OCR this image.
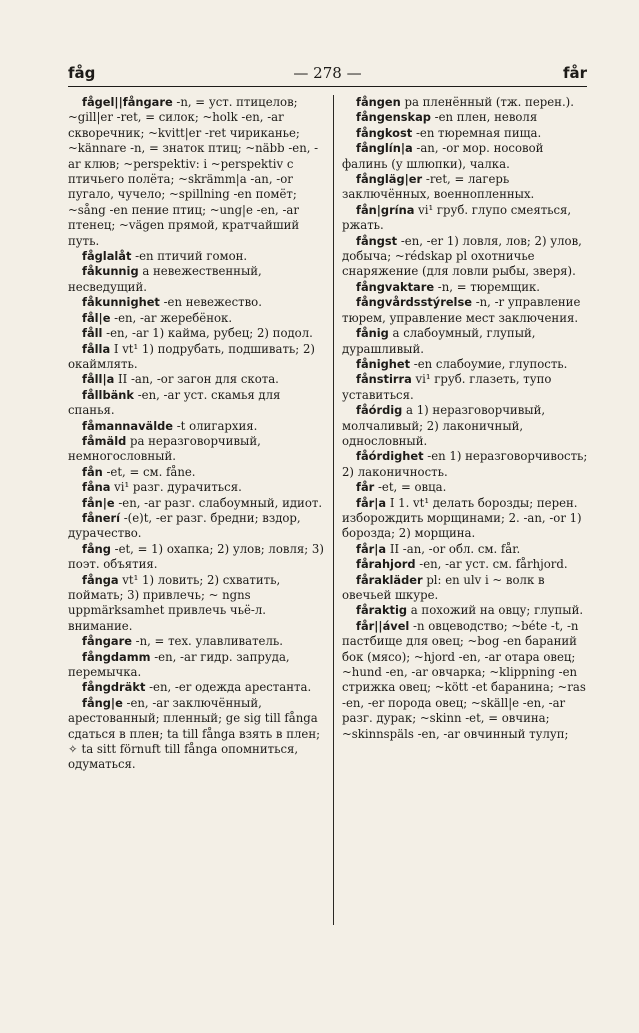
fåg	— 278 —	får

fågel||fångare -n, = уст. птицелов; ~gill|er -ret, = силок; ~holk -en, -ar скворечник; ~kvitt|er -ret чириканье; ~kännare -n, = знаток птиц; ~näbb -en, -ar клюв; ~perspektiv: i ~perspektiv с птичьего полёта; ~skrämm|a -an, -or пугало, чучело; ~spillning -en помёт; ~sång -en пение птиц; ~ung|e -en, -ar птенец; ~vägen прямой, кратчайший путь.

fåglalåt -en птичий гомон.

fåkunnig a невежественный, несведущий.

fåkunnighet -en невежество.

fål|e -en, -ar жеребёнок.

fåll -en, -ar 1) кайма, рубец; 2) подол.

fålla I vt¹ 1) подрубать, подшивать; 2) окаймлять.

fåll|a II -an, -or загон для скота.

fållbänk -en, -ar уст. скамья для спанья.

fåmannavälde -t олигархия.

fåmäld pa неразговорчивый, немногословный.

fån -et, = см. fåne.

fåna vi¹ разг. дурачиться.

fån|e -en, -ar разг. слабоумный, идиот.

fånerí -(e)t, -er разг. бредни; вздор, дурачество.

fång -et, = 1) охапка; 2) улов; ловля; 3) поэт. объятия.

fånga vt¹ 1) ловить; 2) схватить, поймать; 3) привлечь; ~ ngns uppmärksamhet привлечь чьё-л. внимание.

fångare -n, = тех. улавливатель.

fångdamm -en, -ar гидр. запруда, перемычка.

fångdräkt -en, -er одежда арестанта.

fång|e -en, -ar заключённый, арестованный; пленный; ge sig till fånga сдаться в плен; ta till fånga взять в плен; ✧ ta sitt förnuft till fånga опомниться, одуматься.

fången pa пленённый (тж. перен.).

fångenskap -en плен, неволя

fångkost -en тюремная пища.

fånglín|a -an, -or мор. носовой фалинь (у шлюпки), чалка.

fångläg|er -ret, = лагерь заключённых, военнопленных.

fån|grína vi¹ груб. глупо смеяться, ржать.

fångst -en, -er 1) ловля, лов; 2) улов, добыча; ~rédskap pl охотничье снаряжение (для ловли рыбы, зверя).

fångvaktare -n, = тюремщик.

fångvårdsstýrelse -n, -r управление тюрем, управление мест заключения.

fånig a слабоумный, глупый, дурашливый.

fånighet -en слабоумие, глупость.

fånstirra vi¹ груб. глазеть, тупо уставиться.

fåórdig a 1) неразговорчивый, молчаливый; 2) лаконичный, однословный.

fåórdighet -en 1) неразговорчивость; 2) лаконичность.

får -et, = овца.

får|a I 1. vt¹ делать борозды; перен. изборождить морщинами; 2. -an, -or 1) борозда; 2) морщина.

får|a II -an, -or обл. см. får.

fårahjord -en, -ar уст. см. fårhjord.

fårakläder pl: en ulv i ~ волк в овечьей шкуре.

fåraktig a похожий на овцу; глупый.

får||ável -n овцеводство; ~béte -t, -n пастбище для овец; ~bog -en бараний бок (мясо); ~hjord -en, -ar отара овец; ~hund -en, -ar овчарка; ~klippning -en стрижка овец; ~kött -et баранина; ~ras -en, -er порода овец; ~skäll|e -en, -ar разг. дурак; ~skinn -et, = овчина; ~skinnspäls -en, -ar овчинный тулуп;
